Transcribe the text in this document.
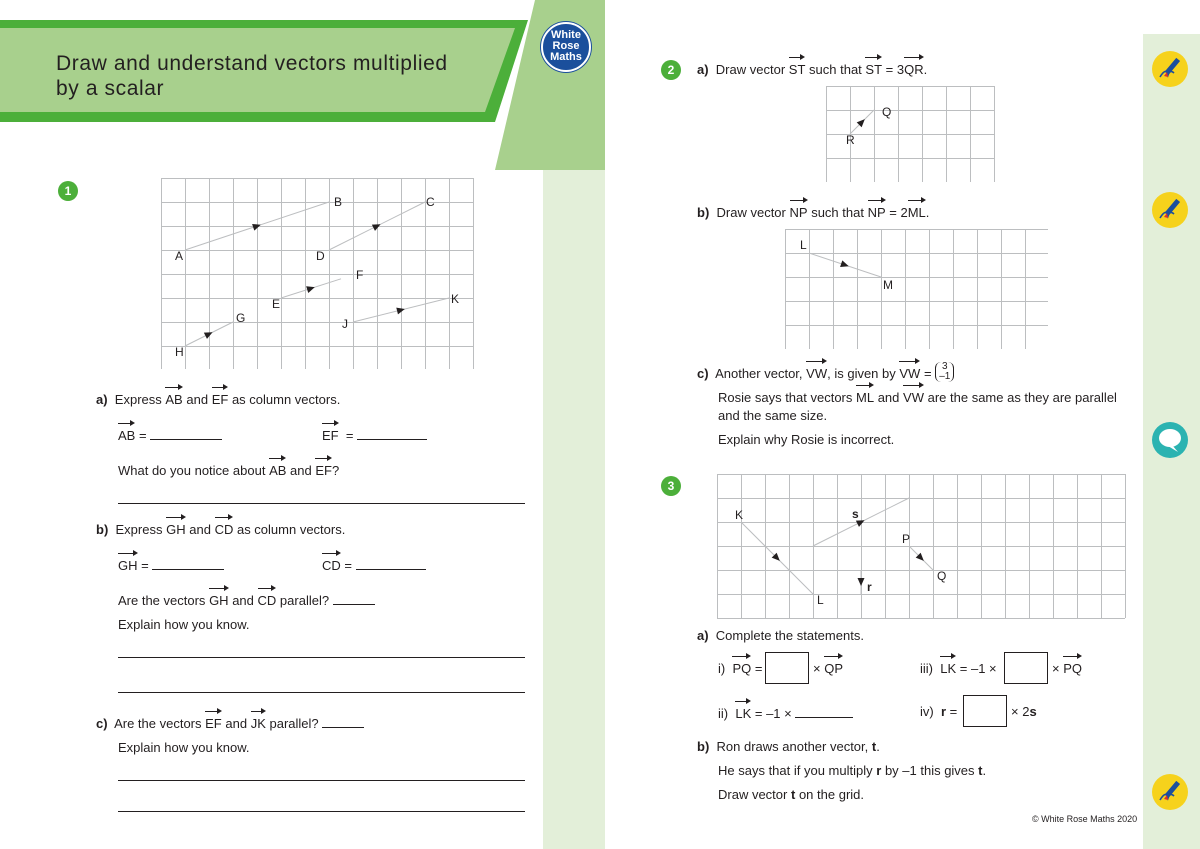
Draw and understand vectors multiplied
by a scalar
White
Rose
Maths
1
A
B	C
D
E
F
G
H
J
K
a) Express AB and EF as column vectors.
AB =	EF =
What do you notice about AB and EF?
b) Express GH and CD as column vectors.
GH =	CD =
Are the vectors GH and CD parallel?
Explain how you know.
c) Are the vectors EF and JK parallel?
Explain how you know.
2	a) Draw vector ST such that ST = 3QR.
Q
R
b) Draw vector NP such that NP = 2ML.
L
M
c) Another vector, VW, is given by VW = 3
–1
Rosie says that vectors ML and VW are the same as they are parallel
and the same size.
Explain why Rosie is incorrect.
3
K
L
s
P
Q
r
a) Complete the statements.
i) PQ =	× QP	iii) LK = –1 ×	× PQ
ii) LK = –1 ×	iv) r =	× 2s
b) Ron draws another vector, t.
He says that if you multiply r by –1 this gives t.
Draw vector t on the grid.
© White Rose Maths 2020
